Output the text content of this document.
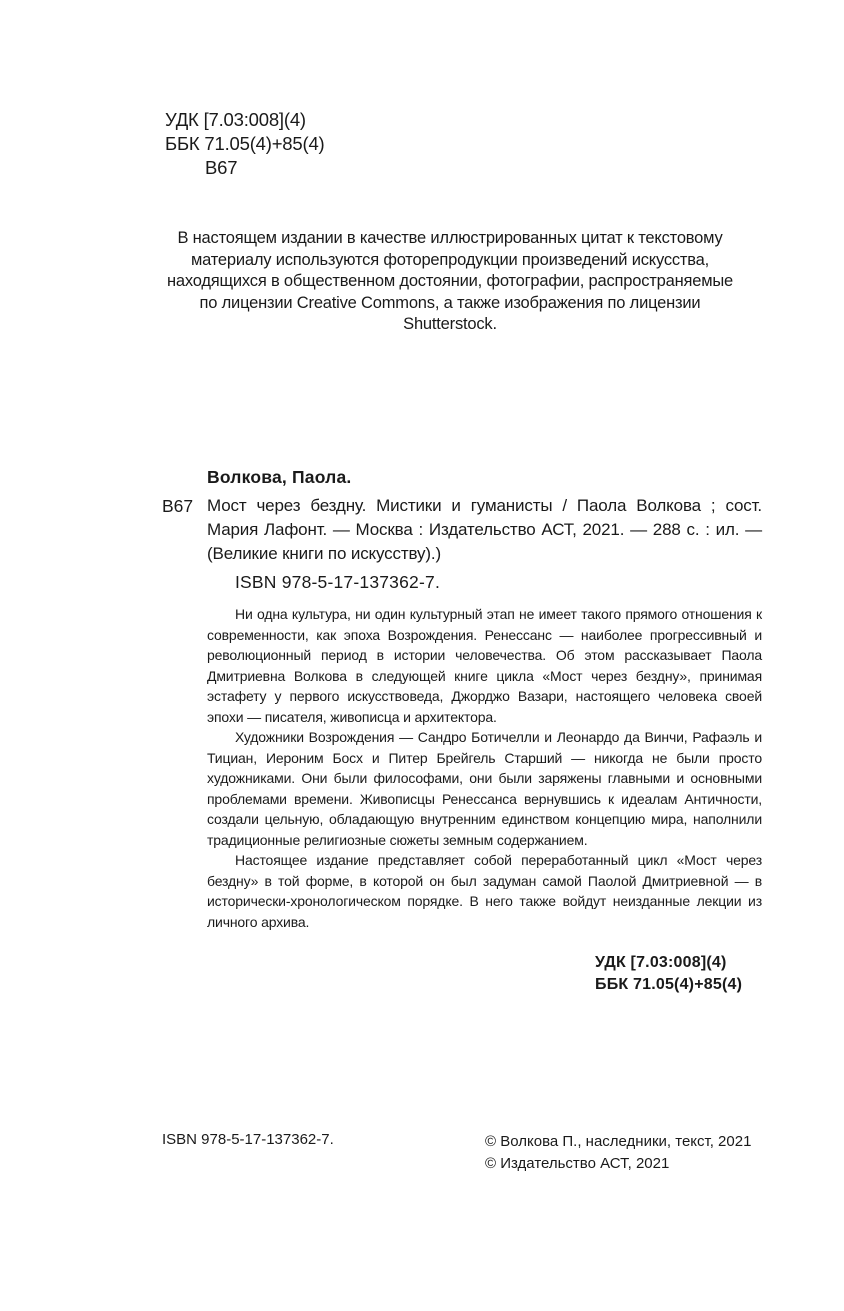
УДК [7.03:008](4)
ББК 71.05(4)+85(4)
В67
В настоящем издании в качестве иллюстрированных цитат к текстовому
материалу используются фоторепродукции произведений искусства,
находящихся в общественном достоянии, фотографии, распространяемые
по лицензии Creative Commons, а также изображения по лицензии
Shutterstock.
Волкова, Паола.
В67 Мост через бездну. Мистики и гуманисты / Паола Волкова ; сост. Мария Лафонт. — Москва : Издательство АСТ, 2021. — 288 с. : ил. — (Великие книги по искусству).)
ISBN 978-5-17-137362-7.

Ни одна культура, ни один культурный этап не имеет такого прямого отношения к современности, как эпоха Возрождения. Ренессанс — наиболее прогрессивный и революционный период в истории человечества. Об этом рассказывает Паола Дмитриевна Волкова в следующей книге цикла «Мост через бездну», принимая эстафету у первого искусствоведа, Джорджо Вазари, настоящего человека своей эпохи — писателя, живописца и архитектора.

Художники Возрождения — Сандро Ботичелли и Леонардо да Винчи, Рафаэль и Тициан, Иероним Босх и Питер Брейгель Старший — никогда не были просто художниками. Они были философами, они были заряжены главными и основными проблемами времени. Живописцы Ренессанса вернувшись к идеалам Античности, создали цельную, обладающую внутренним единством концепцию мира, наполнили традиционные религиозные сюжеты земным содержанием.

Настоящее издание представляет собой переработанный цикл «Мост через бездну» в той форме, в которой он был задуман самой Паолой Дмитриевной — в исторически-хронологическом порядке. В него также войдут неизданные лекции из личного архива.

УДК [7.03:008](4)
ББК 71.05(4)+85(4)
ISBN 978-5-17-137362-7.	© Волкова П., наследники, текст, 2021
© Издательство АСТ, 2021
